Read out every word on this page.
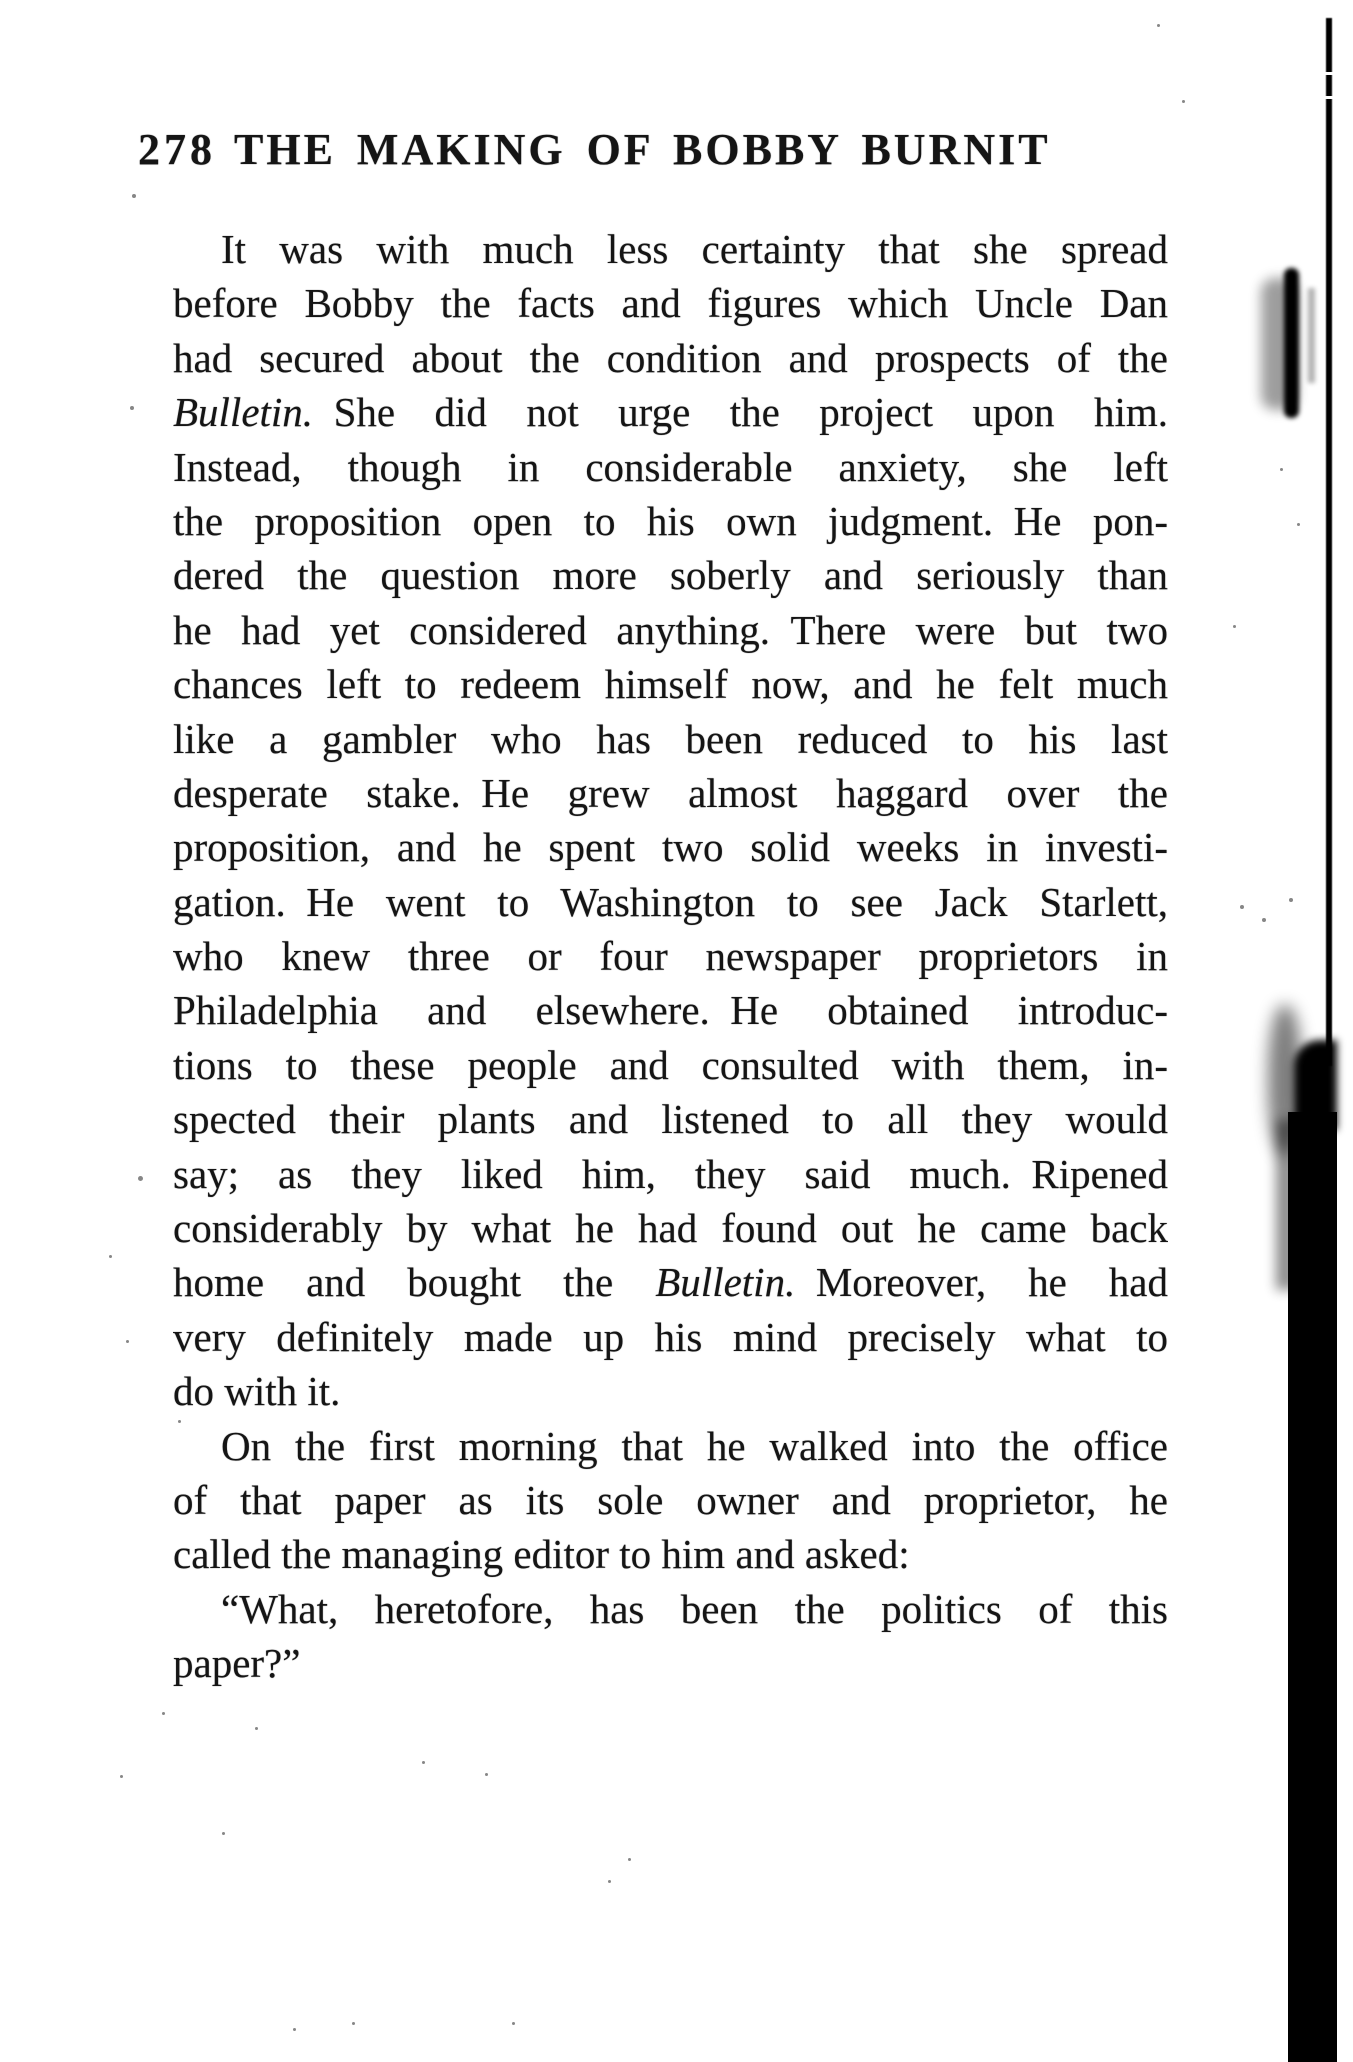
278 THE MAKING OF BOBBY BURNIT
It was with much less certainty that she spread
before Bobby the facts and figures which Uncle Dan
had secured about the condition and prospects of the
Bulletin. She did not urge the project upon him.
Instead, though in considerable anxiety, she left
the proposition open to his own judgment. He pon-
dered the question more soberly and seriously than
he had yet considered anything. There were but two
chances left to redeem himself now, and he felt much
like a gambler who has been reduced to his last
desperate stake. He grew almost haggard over the
proposition, and he spent two solid weeks in investi-
gation. He went to Washington to see Jack Starlett,
who knew three or four newspaper proprietors in
Philadelphia and elsewhere. He obtained introduc-
tions to these people and consulted with them, in-
spected their plants and listened to all they would
say; as they liked him, they said much. Ripened
considerably by what he had found out he came back
home and bought the Bulletin. Moreover, he had
very definitely made up his mind precisely what to
do with it.
On the first morning that he walked into the office
of that paper as its sole owner and proprietor, he
called the managing editor to him and asked:
“What, heretofore, has been the politics of this
paper?”
